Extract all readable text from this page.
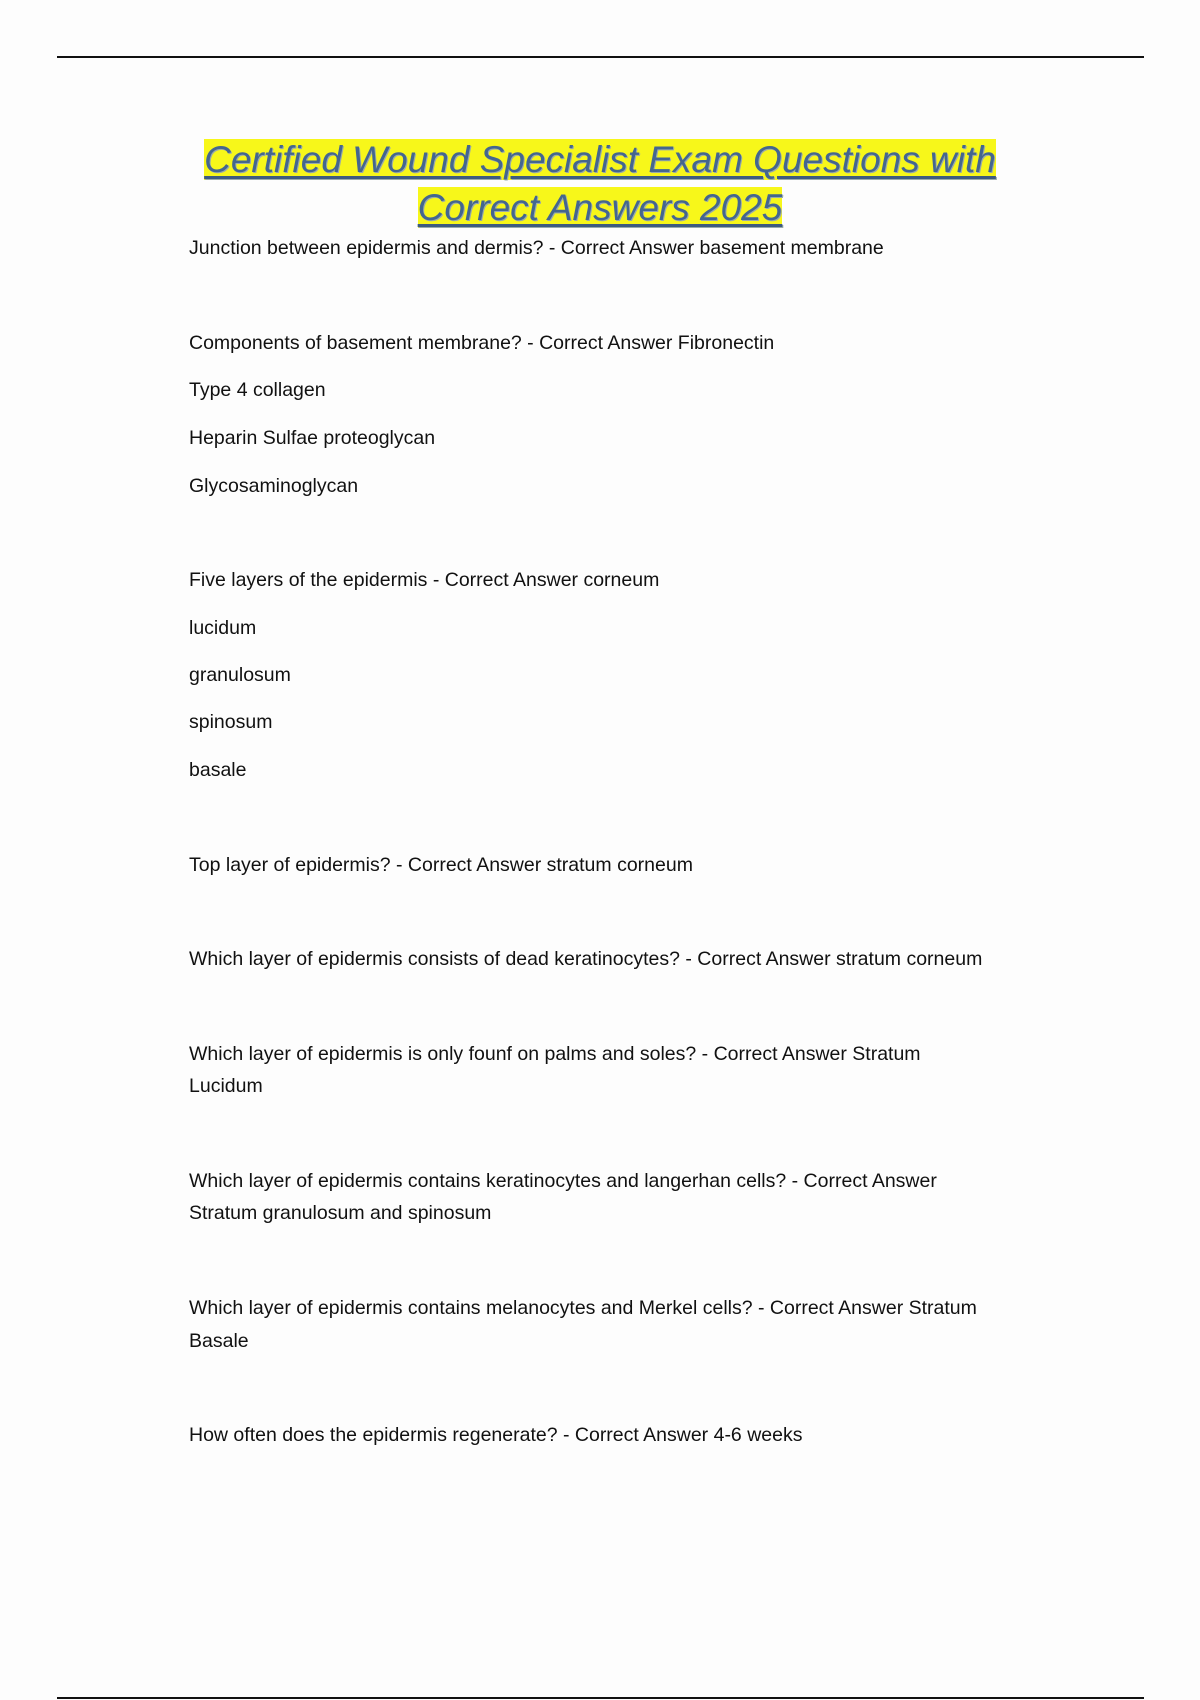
Certified Wound Specialist Exam Questions with
Correct Answers 2025
Junction between epidermis and dermis? - Correct Answer basement membrane
Components of basement membrane? - Correct Answer Fibronectin
Type 4 collagen
Heparin Sulfae proteoglycan
Glycosaminoglycan
Five layers of the epidermis - Correct Answer corneum
lucidum
granulosum
spinosum
basale
Top layer of epidermis? - Correct Answer stratum corneum
Which layer of epidermis consists of dead keratinocytes? - Correct Answer stratum corneum
Which layer of epidermis is only founf on palms and soles? - Correct Answer Stratum
Lucidum
Which layer of epidermis contains keratinocytes and langerhan cells? - Correct Answer
Stratum granulosum and spinosum
Which layer of epidermis contains melanocytes and Merkel cells? - Correct Answer Stratum
Basale
How often does the epidermis regenerate? - Correct Answer 4-6 weeks
